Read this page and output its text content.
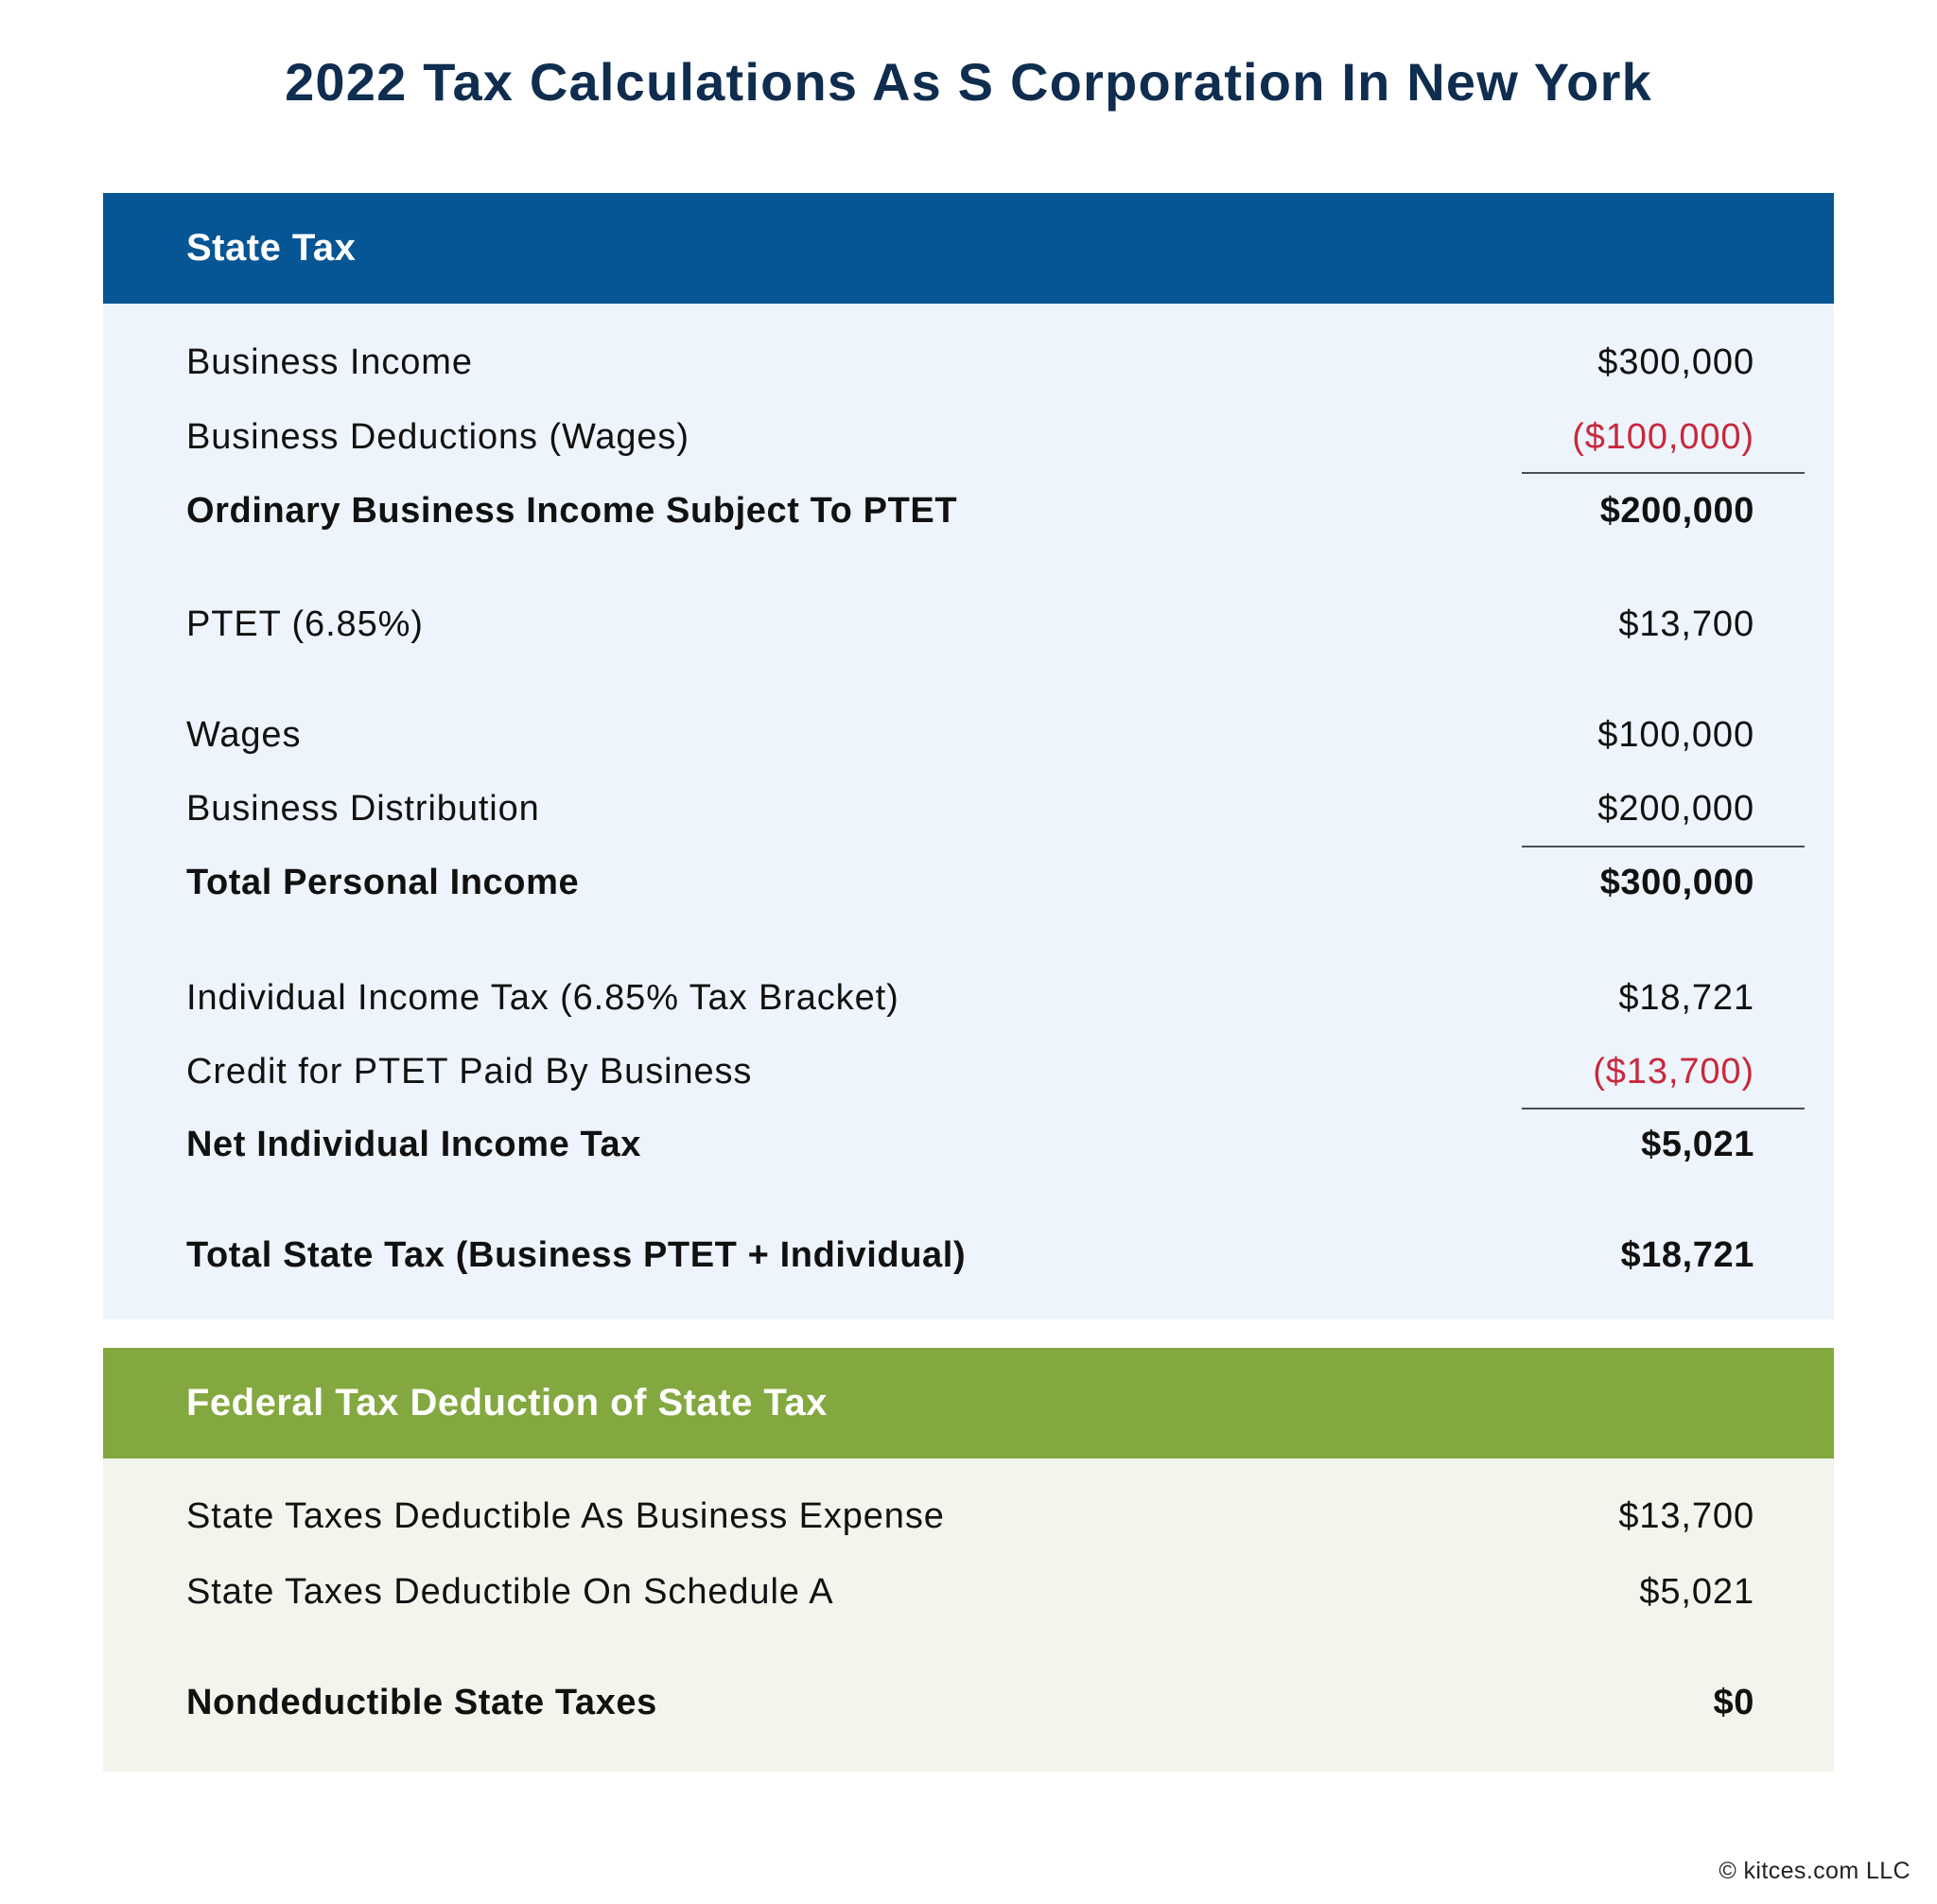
2022 Tax Calculations As S Corporation In New York
State Tax
Business Income	$300,000
Business Deductions (Wages)	($100,000)
Ordinary Business Income Subject To PTET	$200,000
PTET (6.85%)	$13,700
Wages	$100,000
Business Distribution	$200,000
Total Personal Income	$300,000
Individual Income Tax (6.85% Tax Bracket)	$18,721
Credit for PTET Paid By Business	($13,700)
Net Individual Income Tax	$5,021
Total State Tax (Business PTET + Individual)	$18,721
Federal Tax Deduction of State Tax
State Taxes Deductible As Business Expense	$13,700
State Taxes Deductible On Schedule A	$5,021
Nondeductible State Taxes	$0
© kitces.com LLC
